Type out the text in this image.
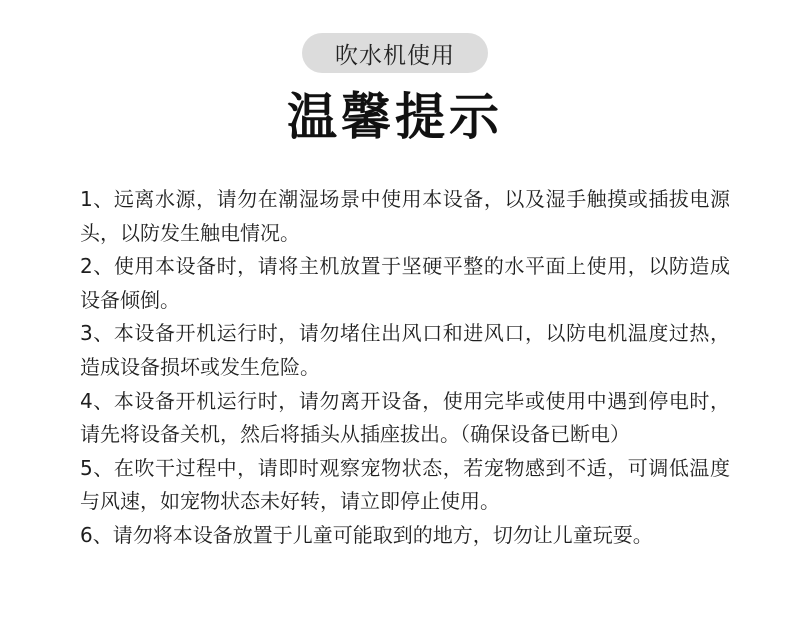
吹水机使用
温馨提示

1、远离水源，请勿在潮湿场景中使用本设备，以及湿手触摸或插拔电源头，以防发生触电情况。

2、使用本设备时，请将主机放置于坚硬平整的水平面上使用，以防造成设备倾倒。

3、本设备开机运行时，请勿堵住出风口和进风口，以防电机温度过热，造成设备损坏或发生危险。

4、本设备开机运行时，请勿离开设备，使用完毕或使用中遇到停电时，请先将设备关机，然后将插头从插座拔出。（确保设备已断电）

5、在吹干过程中，请即时观察宠物状态，若宠物感到不适，可调低温度与风速，如宠物状态未好转，请立即停止使用。

6、请勿将本设备放置于儿童可能取到的地方，切勿让儿童玩耍。
